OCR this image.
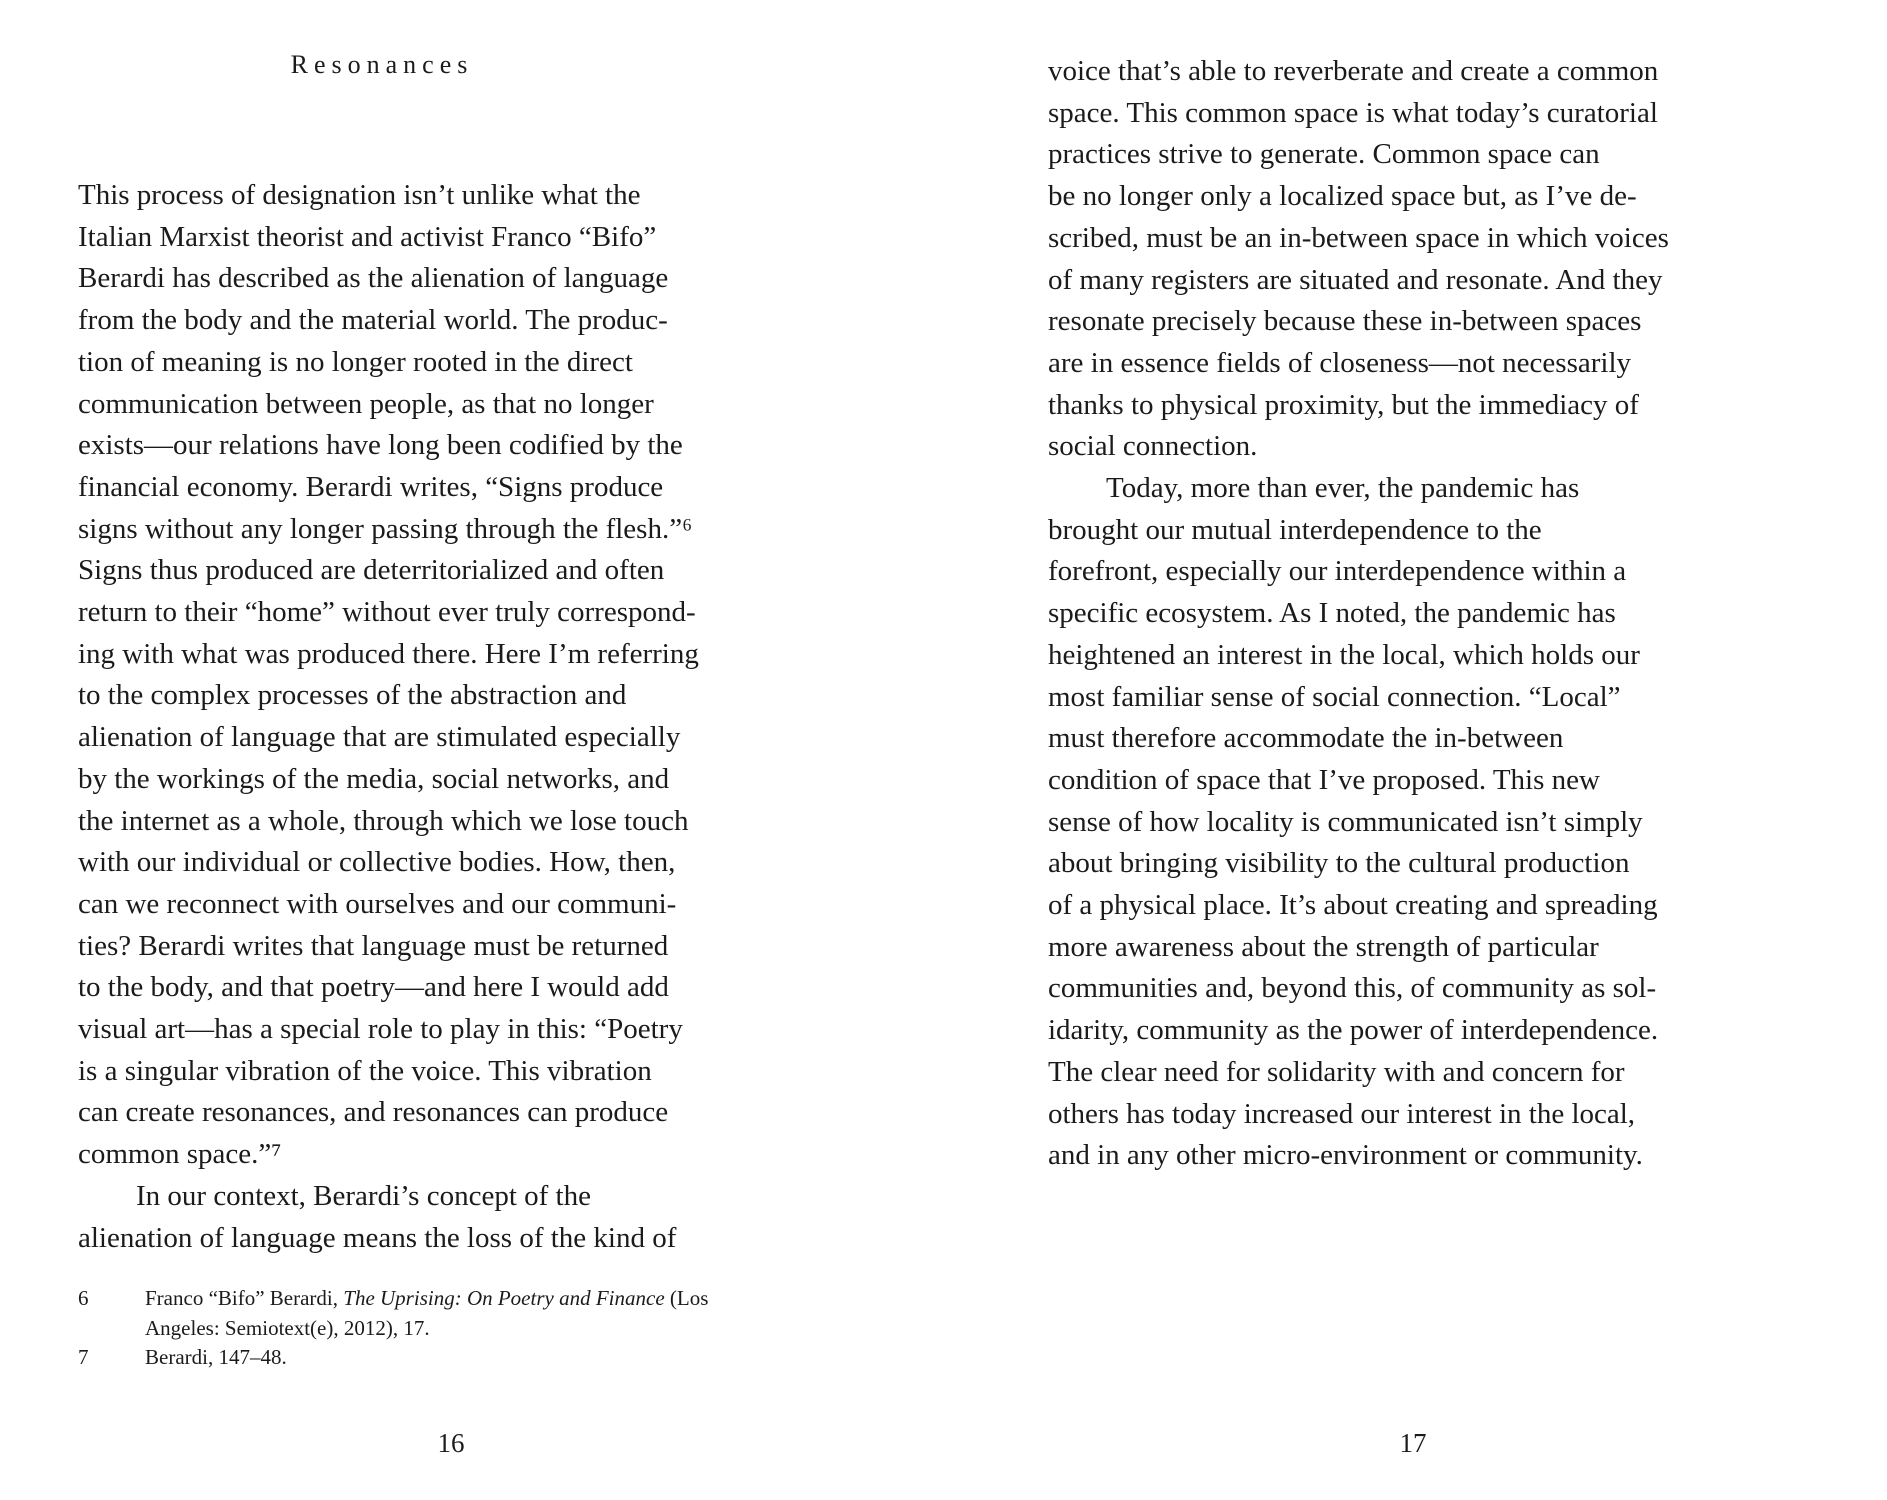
Resonances
This process of designation isn’t unlike what the
Italian Marxist theorist and activist Franco “Bifo”
Berardi has described as the alienation of language
from the body and the material world. The produc-
tion of meaning is no longer rooted in the direct
communication between people, as that no longer
exists—our relations have long been codified by the
financial economy. Berardi writes, “Signs produce
signs without any longer passing through the flesh.”⁶
Signs thus produced are deterritorialized and often
return to their “home” without ever truly correspond-
ing with what was produced there. Here I’m referring
to the complex processes of the abstraction and
alienation of language that are stimulated especially
by the workings of the media, social networks, and
the internet as a whole, through which we lose touch
with our individual or collective bodies. How, then,
can we reconnect with ourselves and our communi-
ties? Berardi writes that language must be returned
to the body, and that poetry—and here I would add
visual art—has a special role to play in this: “Poetry
is a singular vibration of the voice. This vibration
can create resonances, and resonances can produce
common space.”⁷
  In our context, Berardi’s concept of the
alienation of language means the loss of the kind of
6	Franco “Bifo” Berardi, The Uprising: On Poetry and Finance (Los
Angeles: Semiotext(e), 2012), 17.
7	Berardi, 147–48.
16
voice that’s able to reverberate and create a common
space. This common space is what today’s curatorial
practices strive to generate. Common space can
be no longer only a localized space but, as I’ve de-
scribed, must be an in-between space in which voices
of many registers are situated and resonate. And they
resonate precisely because these in-between spaces
are in essence fields of closeness—not necessarily
thanks to physical proximity, but the immediacy of
social connection.
  Today, more than ever, the pandemic has
brought our mutual interdependence to the
forefront, especially our interdependence within a
specific ecosystem. As I noted, the pandemic has
heightened an interest in the local, which holds our
most familiar sense of social connection. “Local”
must therefore accommodate the in-between
condition of space that I’ve proposed. This new
sense of how locality is communicated isn’t simply
about bringing visibility to the cultural production
of a physical place. It’s about creating and spreading
more awareness about the strength of particular
communities and, beyond this, of community as sol-
idarity, community as the power of interdependence.
The clear need for solidarity with and concern for
others has today increased our interest in the local,
and in any other micro-environment or community.
17
